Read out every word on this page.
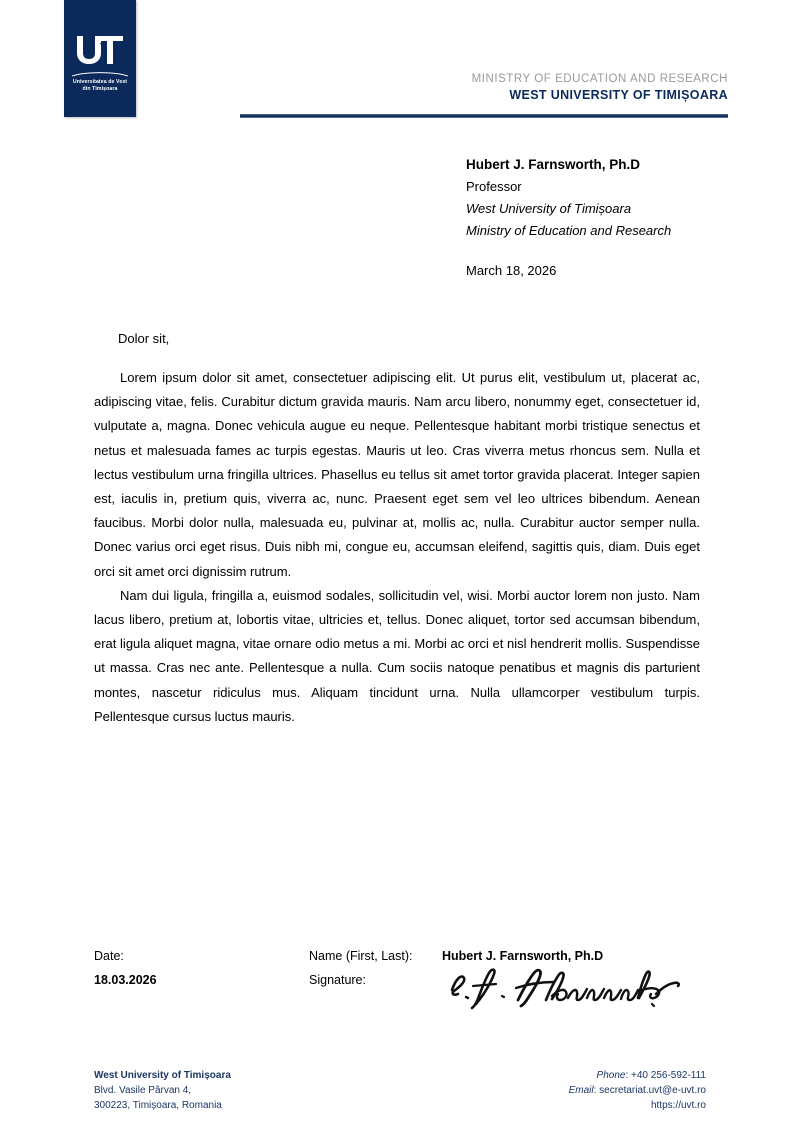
Universitatea de Vest
din Timișoara
MINISTRY OF EDUCATION AND RESEARCH
WEST UNIVERSITY OF TIMIȘOARA
Hubert J. Farnsworth, Ph.D
Professor
West University of Timișoara
Ministry of Education and Research
March 18, 2026
Dolor sit,

Lorem ipsum dolor sit amet, consectetuer adipiscing elit. Ut purus elit, vestibulum ut, placerat ac, adipiscing vitae, felis. Curabitur dictum gravida mauris. Nam arcu libero, nonummy eget, consectetuer id, vulputate a, magna. Donec vehicula augue eu neque. Pellentesque habitant morbi tristique senectus et netus et malesuada fames ac turpis egestas. Mauris ut leo. Cras viverra metus rhoncus sem. Nulla et lectus vestibulum urna fringilla ultrices. Phasellus eu tellus sit amet tortor gravida placerat. Integer sapien est, iaculis in, pretium quis, viverra ac, nunc. Praesent eget sem vel leo ultrices bibendum. Aenean faucibus. Morbi dolor nulla, malesuada eu, pulvinar at, mollis ac, nulla. Curabitur auctor semper nulla. Donec varius orci eget risus. Duis nibh mi, congue eu, accumsan eleifend, sagittis quis, diam. Duis eget orci sit amet orci dignissim rutrum.

Nam dui ligula, fringilla a, euismod sodales, sollicitudin vel, wisi. Morbi auctor lorem non justo. Nam lacus libero, pretium at, lobortis vitae, ultricies et, tellus. Donec aliquet, tortor sed accumsan bibendum, erat ligula aliquet magna, vitae ornare odio metus a mi. Morbi ac orci et nisl hendrerit mollis. Suspendisse ut massa. Cras nec ante. Pellentesque a nulla. Cum sociis natoque penatibus et magnis dis parturient montes, nascetur ridiculus mus. Aliquam tincidunt urna. Nulla ullamcorper vestibulum turpis. Pellentesque cursus luctus mauris.

Date:
18.03.2026
Name (First, Last):	Hubert J. Farnsworth, Ph.D
Signature:
West University of Timișoara
Blvd. Vasile Pârvan 4,
300223, Timișoara, Romania
Phone: +40 256-592-111
Email: secretariat.uvt@e-uvt.ro
https://uvt.ro
